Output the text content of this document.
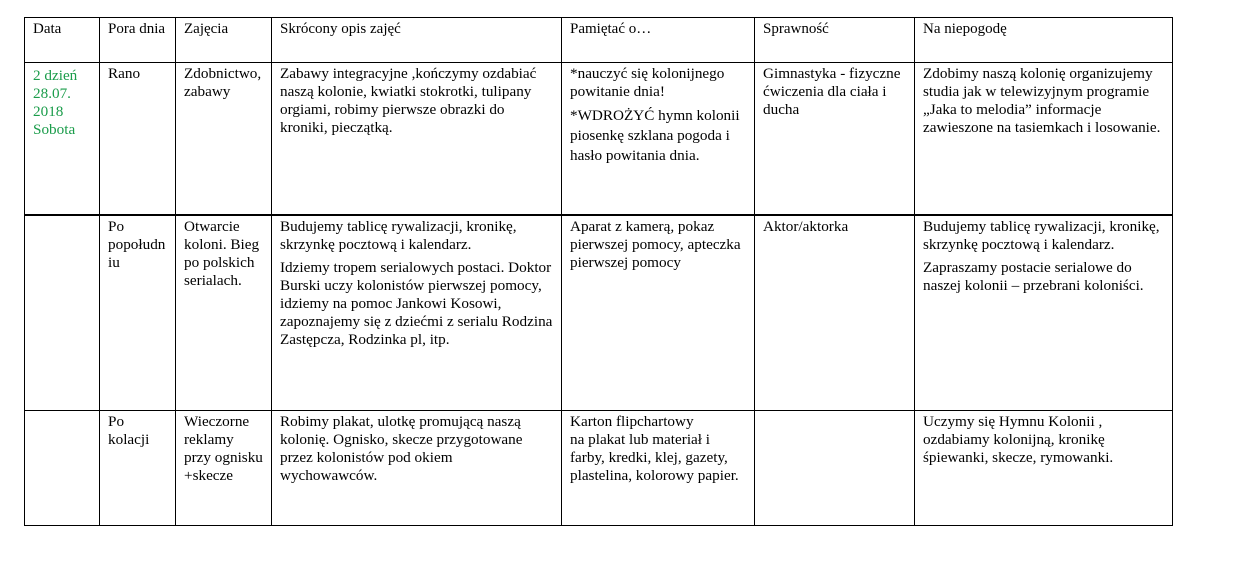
Data	Pora dnia	Zajęcia	Skrócony opis zajęć	Pamiętać o…	Sprawność	Na niepogodę

2 dzień
28.07.
2018
Sobota	Rano	Zdobnictwo, zabawy	Zabawy integracyjne ,kończymy ozdabiać naszą kolonie, kwiatki stokrotki, tulipany orgiami, robimy pierwsze obrazki do kroniki, pieczątką.	*nauczyć się kolonijnego powitanie dnia!
*WDROŻYĆ hymn kolonii piosenkę szklana pogoda i hasło powitania dnia.	Gimnastyka - fizyczne ćwiczenia dla ciała i ducha	Zdobimy naszą kolonię organizujemy studia jak w telewizyjnym programie „Jaka to melodia” informacje zawieszone na tasiemkach i losowanie.

	Po popołudniu	Otwarcie koloni. Bieg po polskich serialach.	Budujemy tablicę rywalizacji, kronikę, skrzynkę pocztową i kalendarz.
Idziemy tropem serialowych postaci. Doktor Burski uczy kolonistów pierwszej pomocy, idziemy na pomoc Jankowi Kosowi, zapoznajemy się z dziećmi z serialu Rodzina Zastępcza, Rodzinka pl, itp.	Aparat z kamerą, pokaz pierwszej pomocy, apteczka pierwszej pomocy	Aktor/aktorka	Budujemy tablicę rywalizacji, kronikę, skrzynkę pocztową i kalendarz.
Zapraszamy postacie serialowe do naszej kolonii – przebrani koloniści.

	Po kolacji	Wieczorne reklamy przy ognisku +skecze	Robimy plakat, ulotkę promującą naszą kolonię. Ognisko, skecze przygotowane przez kolonistów pod okiem wychowawców.	Karton flipchartowy
na plakat lub materiał i farby, kredki, klej, gazety, plastelina, kolorowy papier.		Uczymy się Hymnu Kolonii , ozdabiamy kolonijną, kronikę śpiewanki, skecze, rymowanki.
